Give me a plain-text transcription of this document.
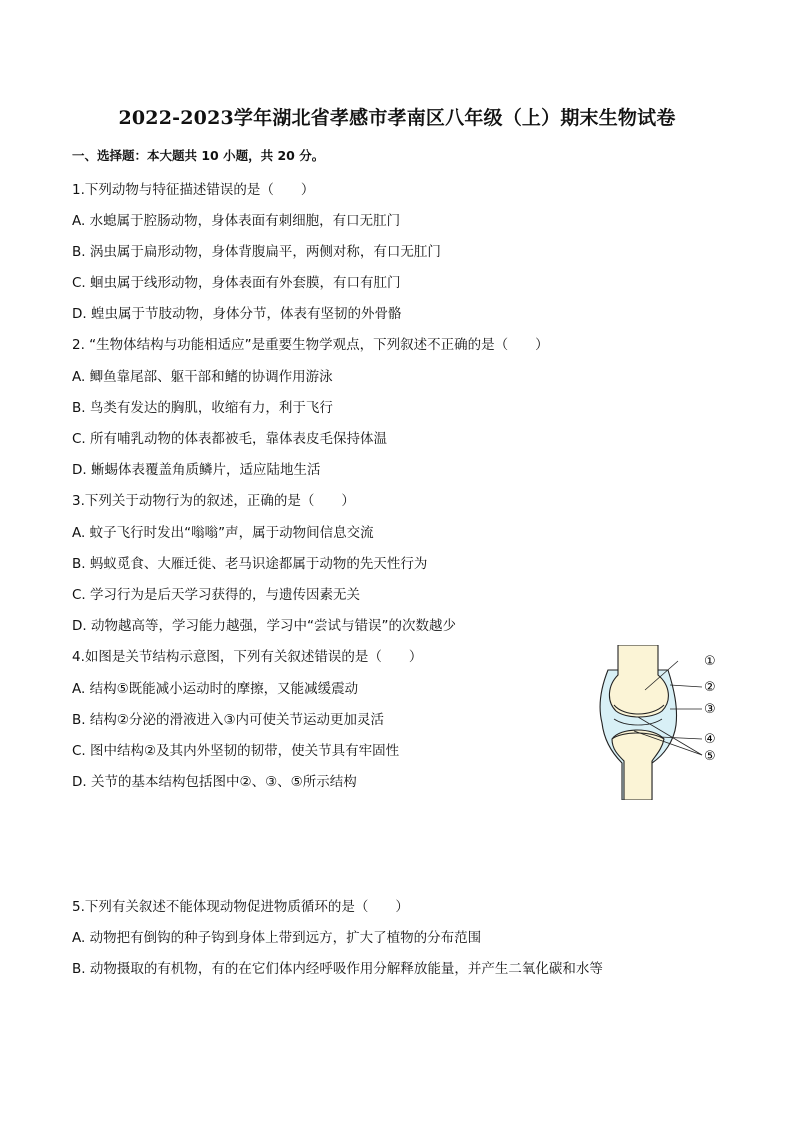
2022-2023学年湖北省孝感市孝南区八年级（上）期末生物试卷
一、选择题：本大题共 10 小题，共 20 分。
1.下列动物与特征描述错误的是（　　）
A. 水螅属于腔肠动物，身体表面有刺细胞，有口无肛门
B. 涡虫属于扁形动物，身体背腹扁平，两侧对称，有口无肛门
C. 蛔虫属于线形动物，身体表面有外套膜，有口有肛门
D. 蝗虫属于节肢动物，身体分节，体表有坚韧的外骨骼
2. “生物体结构与功能相适应”是重要生物学观点，下列叙述不正确的是（　　）
A. 鲫鱼靠尾部、躯干部和鳍的协调作用游泳
B. 鸟类有发达的胸肌，收缩有力，利于飞行
C. 所有哺乳动物的体表都被毛，靠体表皮毛保持体温
D. 蜥蜴体表覆盖角质鳞片，适应陆地生活
3.下列关于动物行为的叙述，正确的是（　　）
A. 蚊子飞行时发出“嗡嗡”声，属于动物间信息交流
B. 蚂蚁觅食、大雁迁徙、老马识途都属于动物的先天性行为
C. 学习行为是后天学习获得的，与遗传因素无关
D. 动物越高等，学习能力越强，学习中“尝试与错误”的次数越少
4.如图是关节结构示意图，下列有关叙述错误的是（　　）
A. 结构⑤既能减小运动时的摩擦，又能减缓震动
B. 结构②分泌的滑液进入③内可使关节运动更加灵活
C. 图中结构②及其内外坚韧的韧带，使关节具有牢固性
D. 关节的基本结构包括图中②、③、⑤所示结构
①
②
③
④
⑤
5.下列有关叙述不能体现动物促进物质循环的是（　　）
A. 动物把有倒钩的种子钩到身体上带到远方，扩大了植物的分布范围
B. 动物摄取的有机物，有的在它们体内经呼吸作用分解释放能量，并产生二氧化碳和水等
